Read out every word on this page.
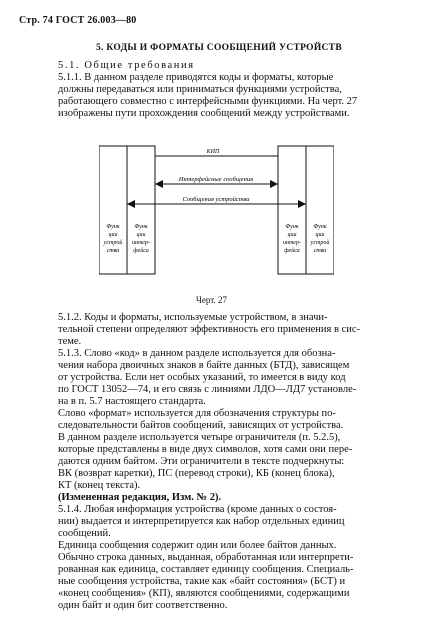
Стр. 74 ГОСТ 26.003—80
5. КОДЫ И ФОРМАТЫ СООБЩЕНИЙ УСТРОЙСТВ
5.1. Общие требования
5.1.1. В данном разделе приводятся коды и форматы, которые
должны передаваться или приниматься функциями устройства,
работающего совместно с интерфейсными функциями. На черт. 27
изображены пути прохождения сообщений между устройствами.
КИП
Интерфейсные сообщения
Сообщения устройства
Функ
ции
устрой
ства
Функ
ции
интер-
фейса
Функ
ции
интер-
фейса
Функ
ции
устрой
ства
Черт. 27
5.1.2. Коды и форматы, используемые устройством, в значи-
тельной степени определяют эффективность его применения в сис-
теме.
5.1.3. Слово «код» в данном разделе используется для обозна-
чения набора двоичных знаков в байте данных (БТД), зависящем
от устройства. Если нет особых указаний, то имеется в виду код
по ГОСТ 13052—74, и его связь с линиями ЛДО—ЛД7 установле-
на в п. 5.7 настоящего стандарта.
Слово «формат» используется для обозначения структуры по-
следовательности байтов сообщений, зависящих от устройства.
В данном разделе используется четыре ограничителя (п. 5.2.5),
которые представлены в виде двух символов, хотя сами они пере-
даются одним байтом. Эти ограничители в тексте подчеркнуты:
ВК (возврат каретки), ПС (перевод строки), КБ (конец блока),
КТ (конец текста).
(Измененная редакция, Изм. № 2).
5.1.4. Любая информация устройства (кроме данных о состоя-
нии) выдается и интерпретируется как набор отдельных единиц
сообщений.
Единица сообщения содержит один или более байтов данных.
Обычно строка данных, выданная, обработанная или интерпрети-
рованная как единица, составляет единицу сообщения. Специаль-
ные сообщения устройства, такие как «байт состояния» (БСТ) и
«конец сообщения» (КП), являются сообщениями, содержащими
один байт и один бит соответственно.
